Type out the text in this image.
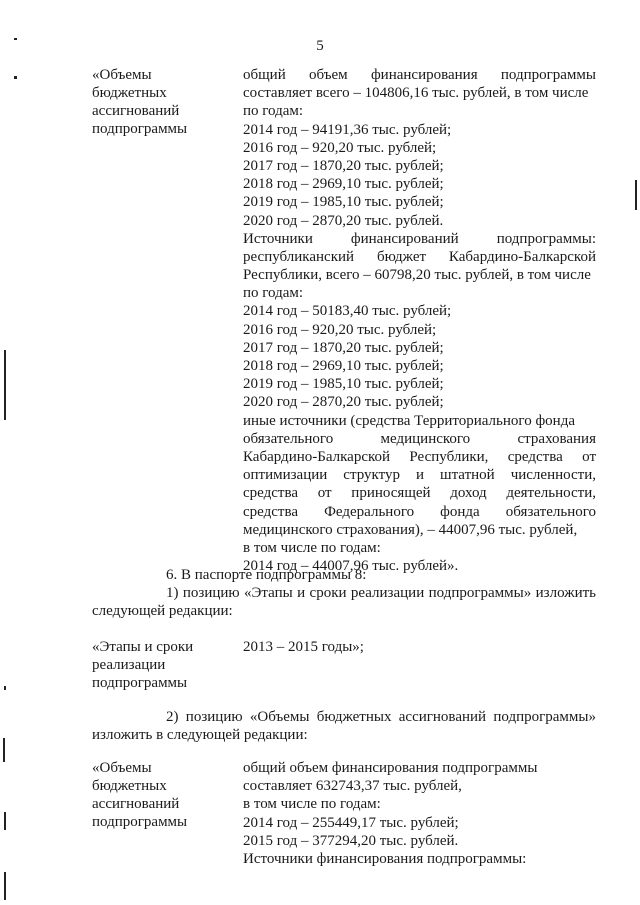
5
«Объемы
бюджетных
ассигнований
подпрограммы
общий объем финансирования подпрограммы
составляет всего – 104806,16 тыс. рублей, в том числе
по годам:
2014 год – 94191,36 тыс. рублей;
2016 год – 920,20 тыс. рублей;
2017 год – 1870,20 тыс. рублей;
2018 год – 2969,10 тыс. рублей;
2019 год – 1985,10 тыс. рублей;
2020 год – 2870,20 тыс. рублей.
Источники финансирований подпрограммы:
республиканский бюджет Кабардино-Балкарской
Республики, всего – 60798,20 тыс. рублей, в том числе
по годам:
2014 год – 50183,40 тыс. рублей;
2016 год – 920,20 тыс. рублей;
2017 год – 1870,20 тыс. рублей;
2018 год – 2969,10 тыс. рублей;
2019 год – 1985,10 тыс. рублей;
2020 год – 2870,20 тыс. рублей;
иные источники (средства Территориального фонда
обязательного медицинского страхования
Кабардино-Балкарской Республики, средства от
оптимизации структур и штатной численности,
средства от приносящей доход деятельности,
средства Федерального фонда обязательного
медицинского страхования), – 44007,96 тыс. рублей,
в том числе по годам:
2014 год – 44007,96 тыс. рублей».
6. В паспорте подпрограммы 8:
1) позицию «Этапы и сроки реализации подпрограммы» изложить
следующей редакции:
«Этапы и сроки
реализации
подпрограммы
2013 – 2015 годы»;
2) позицию «Объемы бюджетных ассигнований подпрограммы»
изложить в следующей редакции:
«Объемы
бюджетных
ассигнований
подпрограммы
общий объем финансирования подпрограммы
составляет 632743,37 тыс. рублей,
в том числе по годам:
2014 год – 255449,17 тыс. рублей;
2015 год – 377294,20 тыс. рублей.
Источники финансирования подпрограммы:
